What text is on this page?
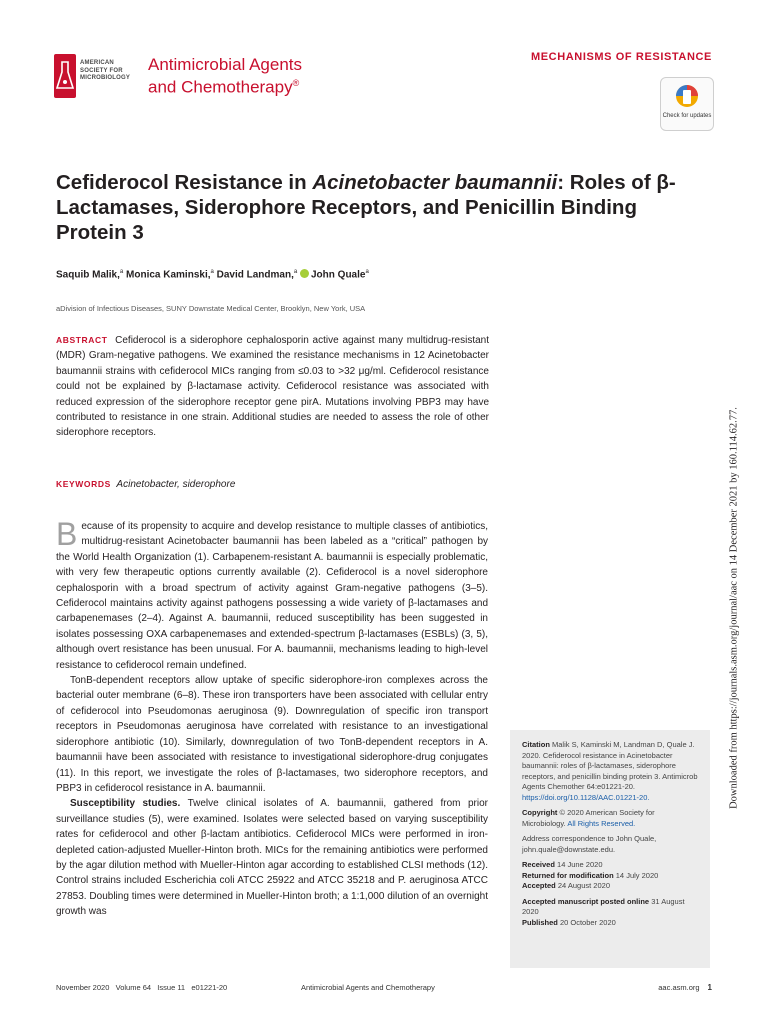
AMERICAN
SOCIETY FOR
MICROBIOLOGY
Antimicrobial Agents
and Chemotherapy®
MECHANISMS OF RESISTANCE
Check for updates
Cefiderocol Resistance in Acinetobacter baumannii: Roles of β-Lactamases, Siderophore Receptors, and Penicillin Binding Protein 3
Saquib Malik,$^a$ Monica Kaminski,$^a$ David Landman,$^a$ John Quale$^a$
aDivision of Infectious Diseases, SUNY Downstate Medical Center, Brooklyn, New York, USA
ABSTRACT Cefiderocol is a siderophore cephalosporin active against many multidrug-resistant (MDR) Gram-negative pathogens. We examined the resistance mechanisms in 12 Acinetobacter baumannii strains with cefiderocol MICs ranging from ≤0.03 to >32 μg/ml. Cefiderocol resistance could not be explained by β-lactamase activity. Cefiderocol resistance was associated with reduced expression of the siderophore receptor gene pirA. Mutations involving PBP3 may have contributed to resistance in one strain. Additional studies are needed to assess the role of other siderophore receptors.
KEYWORDS Acinetobacter, siderophore

Because of its propensity to acquire and develop resistance to multiple classes of antibiotics, multidrug-resistant Acinetobacter baumannii has been labeled as a “critical” pathogen by the World Health Organization (1). Carbapenem-resistant A. baumannii is especially problematic, with very few therapeutic options currently available (2). Cefiderocol is a novel siderophore cephalosporin with a broad spectrum of activity against Gram-negative pathogens (3–5). Cefiderocol maintains activity against pathogens possessing a wide variety of β-lactamases and carbapenemases (2–4). Against A. baumannii, reduced susceptibility has been suggested in isolates possessing OXA carbapenemases and extended-spectrum β-lactamases (ESBLs) (3, 5), although overt resistance has been unusual. For A. baumannii, mechanisms leading to high-level resistance to cefiderocol remain undefined.

TonB-dependent receptors allow uptake of specific siderophore-iron complexes across the bacterial outer membrane (6–8). These iron transporters have been associated with cellular entry of cefiderocol into Pseudomonas aeruginosa (9). Downregulation of specific iron transport receptors in Pseudomonas aeruginosa have correlated with resistance to an investigational siderophore antibiotic (10). Similarly, downregulation of two TonB-dependent receptors in A. baumannii have been associated with resistance to investigational siderophore-drug conjugates (11). In this report, we investigate the roles of β-lactamases, two siderophore receptors, and PBP3 in cefiderocol resistance in A. baumannii.

Susceptibility studies. Twelve clinical isolates of A. baumannii, gathered from prior surveillance studies (5), were examined. Isolates were selected based on varying susceptibility rates for cefiderocol and other β-lactam antibiotics. Cefiderocol MICs were performed in iron-depleted cation-adjusted Mueller-Hinton broth. MICs for the remaining antibiotics were performed by the agar dilution method with Mueller-Hinton agar according to established CLSI methods (12). Control strains included Escherichia coli ATCC 25922 and ATCC 35218 and P. aeruginosa ATCC 27853. Doubling times were determined in Mueller-Hinton broth; a 1:1,000 dilution of an overnight growth was

Citation Malik S, Kaminski M, Landman D, Quale J. 2020. Cefiderocol resistance in Acinetobacter baumannii: roles of β-lactamases, siderophore receptors, and penicillin binding protein 3. Antimicrob Agents Chemother 64:e01221-20. https://doi.org/10.1128/AAC.01221-20.

Copyright © 2020 American Society for Microbiology. All Rights Reserved.

Address correspondence to John Quale, john.quale@downstate.edu.

Received 14 June 2020

Returned for modification 14 July 2020

Accepted 24 August 2020

Accepted manuscript posted online 31 August 2020

Published 20 October 2020

November 2020   Volume 64   Issue 11   e01221-20	Antimicrobial Agents and Chemotherapy	aac.asm.org 1
Downloaded from https://journals.asm.org/journal/aac on 14 December 2021 by 160.114.62.77.
